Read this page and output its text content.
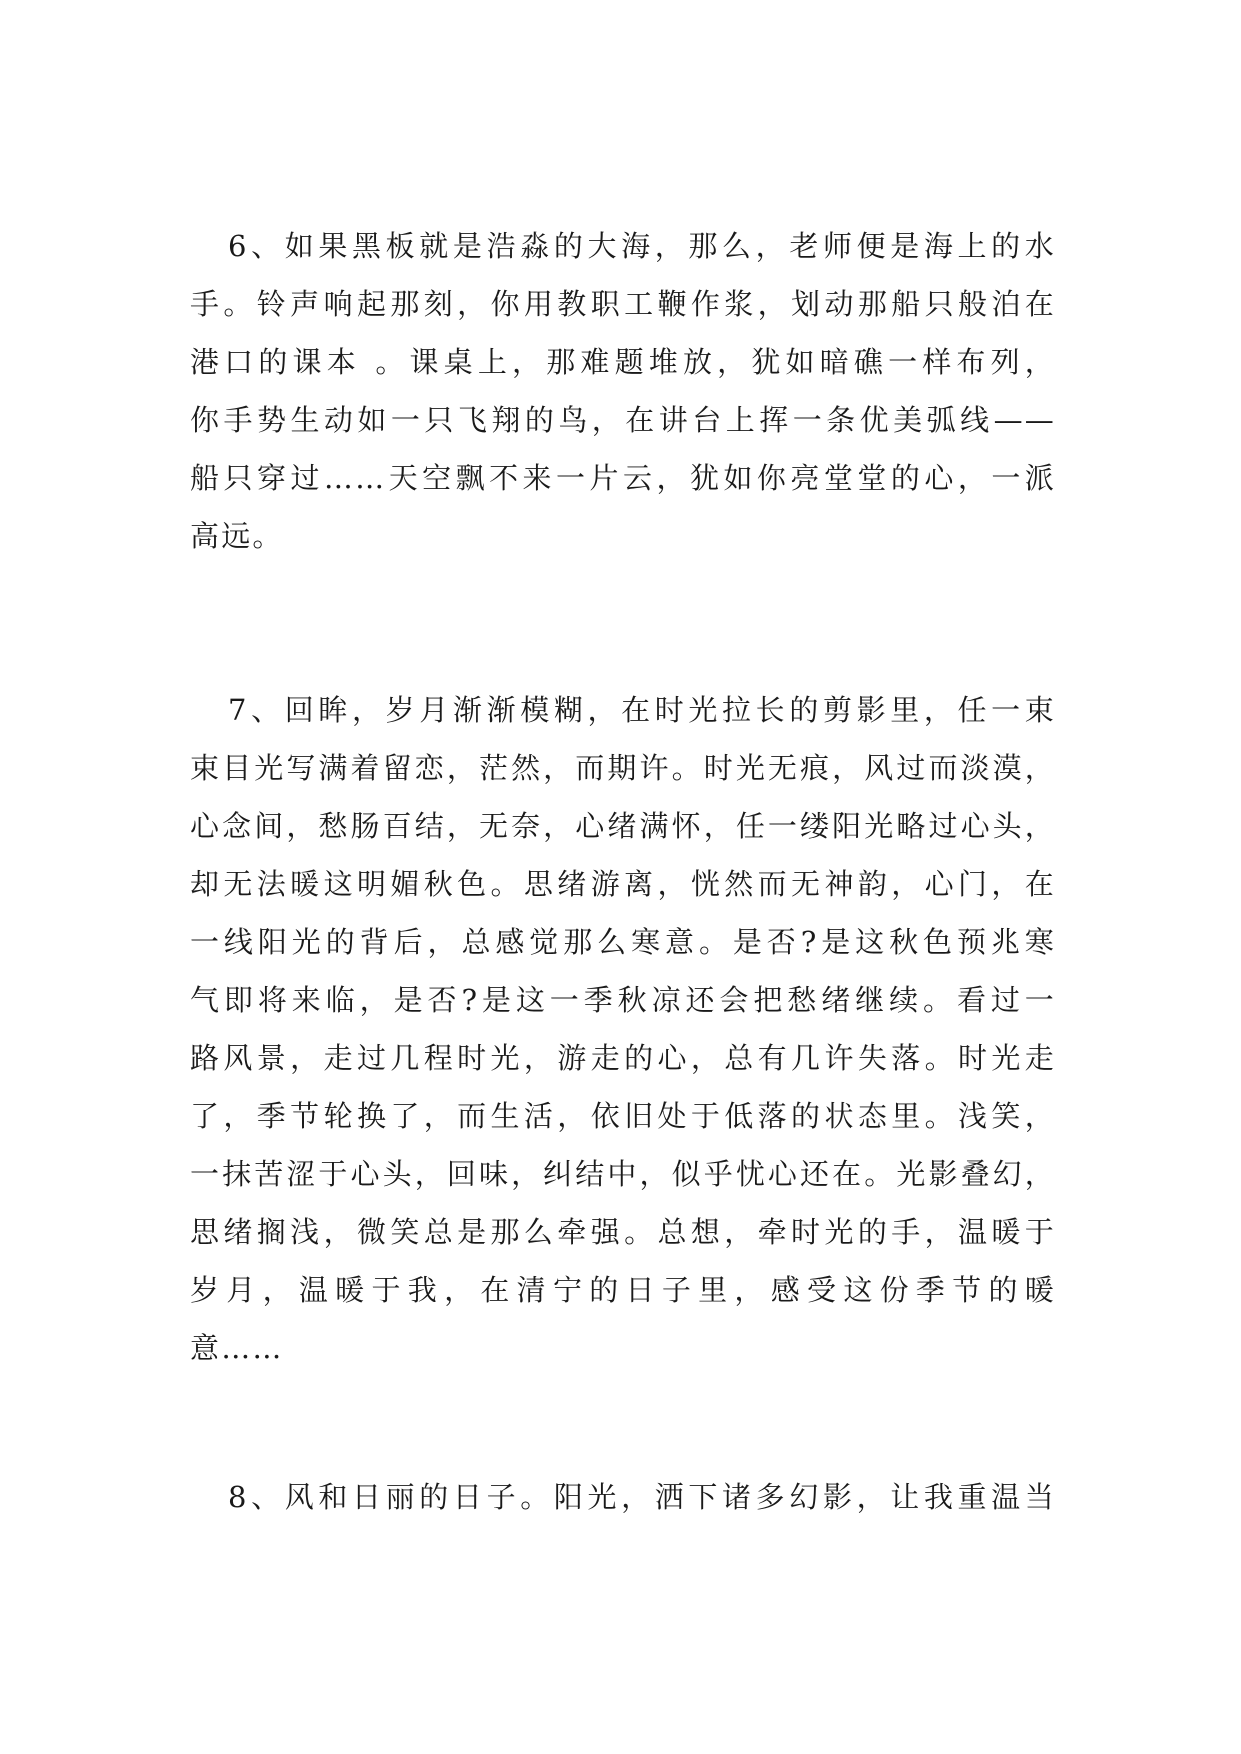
6、如果黑板就是浩淼的大海，那么，老师便是海上的水
手。铃声响起那刻，你用教职工鞭作浆，划动那船只般泊在
港口的课本 。课桌上，那难题堆放，犹如暗礁一样布列，
你手势生动如一只飞翔的鸟，在讲台上挥一条优美弧线——
船只穿过……天空飘不来一片云，犹如你亮堂堂的心，一派
高远。
7、回眸，岁月渐渐模糊，在时光拉长的剪影里，任一束
束目光写满着留恋，茫然，而期许。时光无痕，风过而淡漠，
心念间，愁肠百结，无奈，心绪满怀，任一缕阳光略过心头，
却无法暖这明媚秋色。思绪游离，恍然而无神韵，心门，在
一线阳光的背后，总感觉那么寒意。是否?是这秋色预兆寒
气即将来临，是否?是这一季秋凉还会把愁绪继续。看过一
路风景，走过几程时光，游走的心，总有几许失落。时光走
了，季节轮换了，而生活，依旧处于低落的状态里。浅笑，
一抹苦涩于心头，回味，纠结中，似乎忧心还在。光影叠幻，
思绪搁浅，微笑总是那么牵强。总想，牵时光的手，温暖于
岁月，温暖于我，在清宁的日子里，感受这份季节的暖
意……
8、风和日丽的日子。阳光，洒下诸多幻影，让我重温当
